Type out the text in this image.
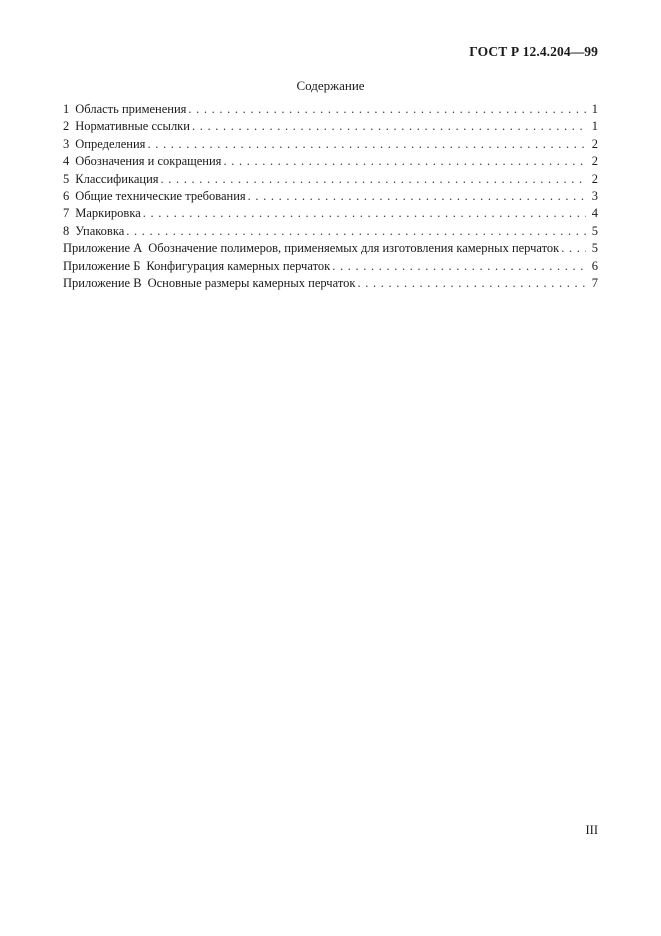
ГОСТ Р 12.4.204—99
Содержание
1 Область применения . . .	1
2 Нормативные ссылки . . .	1
3 Определения . . .	2
4 Обозначения и сокращения . . .	2
5 Классификация . . .	2
6 Общие технические требования . . .	3
7 Маркировка . . .	4
8 Упаковка . . .	5
Приложение А Обозначение полимеров, применяемых для изготовления камерных перчаток . . .	5
Приложение Б Конфигурация камерных перчаток . . .	6
Приложение В Основные размеры камерных перчаток . . .	7
III
